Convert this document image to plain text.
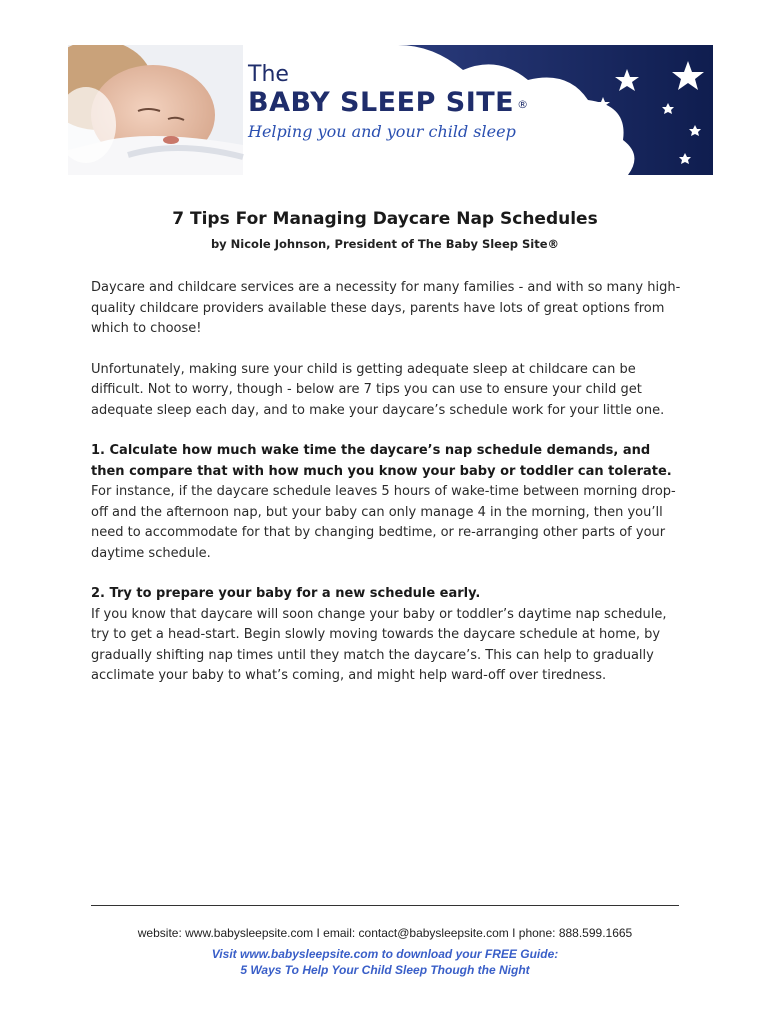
The
BABY SLEEP SITE ®
Helping you and your child sleep
7 Tips For Managing Daycare Nap Schedules
by Nicole Johnson, President of The Baby Sleep Site®

Daycare and childcare services are a necessity for many families - and with so many high-quality childcare providers available these days, parents have lots of great options from which to choose!

Unfortunately, making sure your child is getting adequate sleep at childcare can be difficult. Not to worry, though - below are 7 tips you can use to ensure your child get adequate sleep each day, and to make your daycare’s schedule work for your little one.

1. Calculate how much wake time the daycare’s nap schedule demands, and then compare that with how much you know your baby or toddler can tolerate.
For instance, if the daycare schedule leaves 5 hours of wake-time between morning drop-off and the afternoon nap, but your baby can only manage 4 in the morning, then you’ll need to accommodate for that by changing bedtime, or re-arranging other parts of your daytime schedule.

2. Try to prepare your baby for a new schedule early.
If you know that daycare will soon change your baby or toddler’s daytime nap schedule, try to get a head-start. Begin slowly moving towards the daycare schedule at home, by gradually shifting nap times until they match the daycare’s. This can help to gradually acclimate your baby to what’s coming, and might help ward-off over tiredness.

website: www.babysleepsite.com I email: contact@babysleepsite.com I phone: 888.599.1665
Visit www.babysleepsite.com to download your FREE Guide:
5 Ways To Help Your Child Sleep Though the Night
